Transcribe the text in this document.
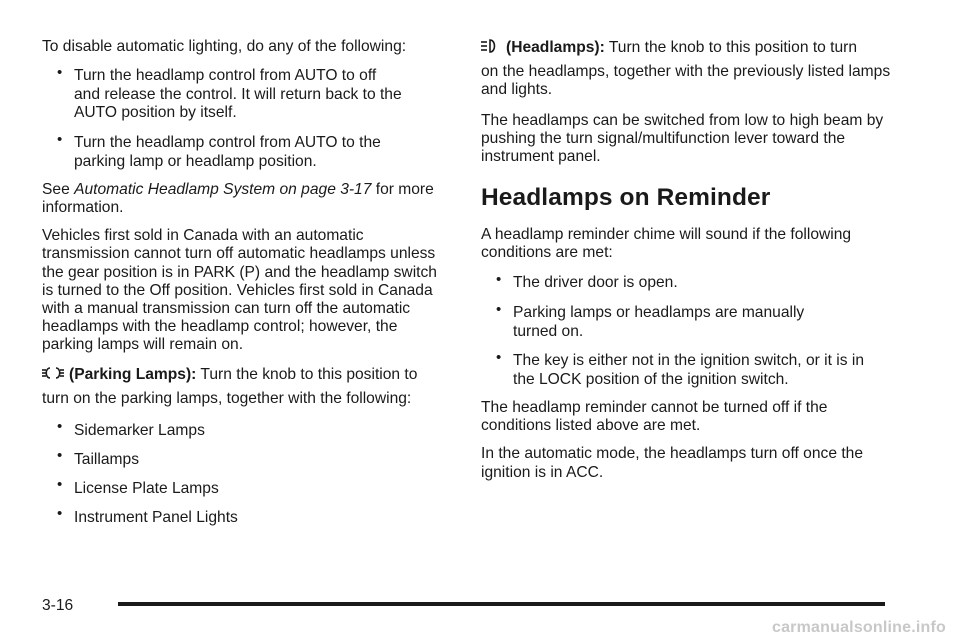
To disable automatic lighting, do any of the following:

• Turn the headlamp control from AUTO to off
and release the control. It will return back to the AUTO position by itself.
• Turn the headlamp control from AUTO to the
parking lamp or headlamp position.

See Automatic Headlamp System on page 3-17 for more information.

Vehicles first sold in Canada with an automatic transmission cannot turn off automatic headlamps unless the gear position is in PARK (P) and the headlamp switch is turned to the Off position. Vehicles first sold in Canada with a manual transmission can turn off the automatic headlamps with the headlamp control; however, the parking lamps will remain on.

(Parking Lamps): Turn the knob to this position to
turn on the parking lamps, together with the following:

• Sidemarker Lamps
• Taillamps
• License Plate Lamps
• Instrument Panel Lights

(Headlamps): Turn the knob to this position to turn
on the headlamps, together with the previously listed lamps and lights.

The headlamps can be switched from low to high beam by pushing the turn signal/multifunction lever toward the instrument panel.

Headlamps on Reminder

A headlamp reminder chime will sound if the following conditions are met:

• The driver door is open.
• Parking lamps or headlamps are manually
turned on.
• The key is either not in the ignition switch, or it is in
the LOCK position of the ignition switch.

The headlamp reminder cannot be turned off if the conditions listed above are met.

In the automatic mode, the headlamps turn off once the ignition is in ACC.

3-16
carmanualsonline.info
